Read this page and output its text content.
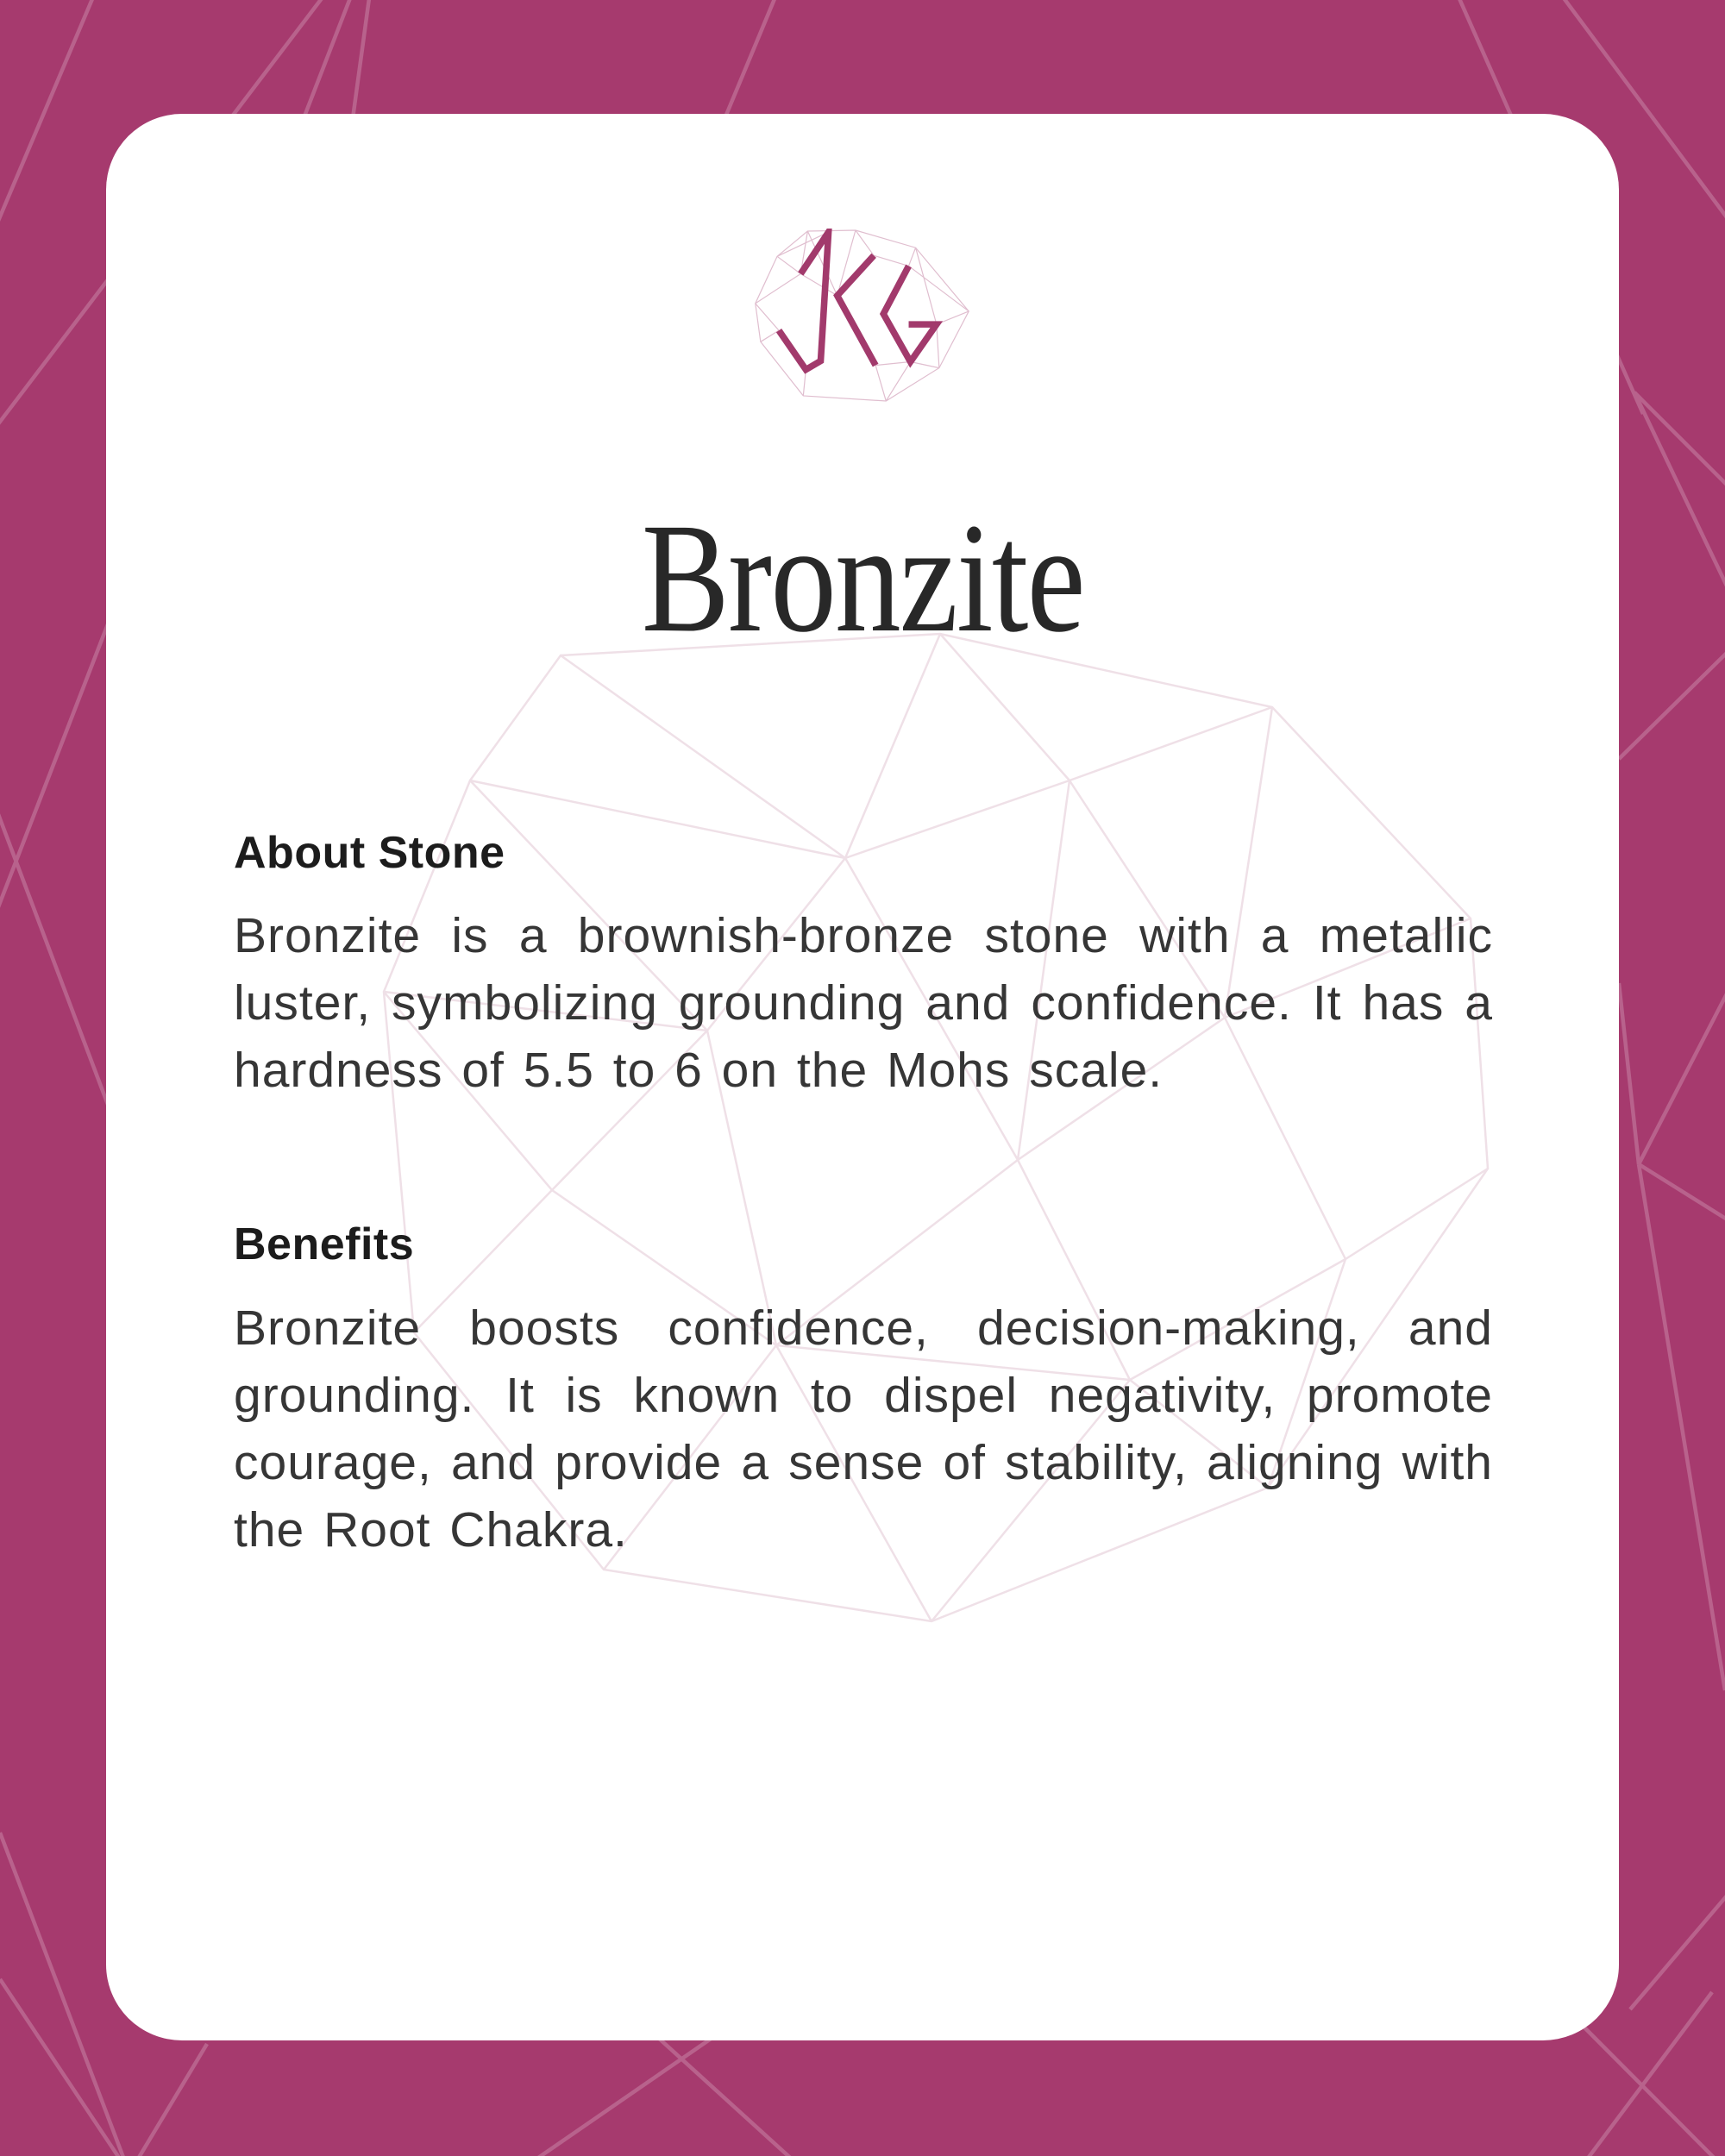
Bronzite
About Stone

Bronzite is a brownish-bronze stone with a metallic luster, symbolizing grounding and confidence. It has a hardness of 5.5 to 6 on the Mohs scale.

Benefits

Bronzite boosts confidence, decision-making, and grounding. It is known to dispel negativity, promote courage, and provide a sense of stability, aligning with the Root Chakra.
